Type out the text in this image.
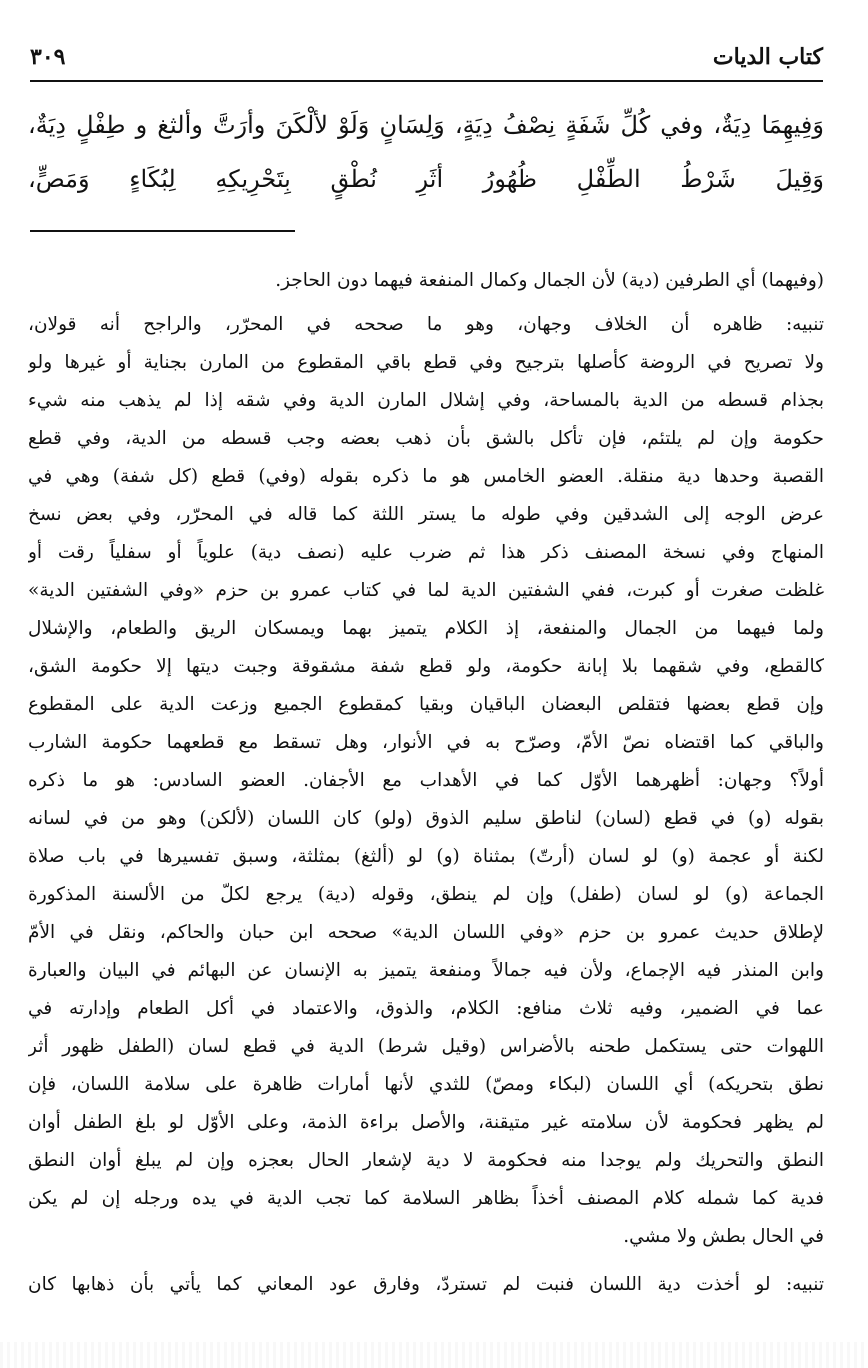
كتاب الديات
٣٠٩
وَفِيهِمَا دِيَةٌ، وفي كُلِّ شَفَةٍ نِصْفُ دِيَةٍ، وَلِسَانٍ وَلَوْ لألْكَنَ وأرَتَّ وألثغ و طِفْلٍ دِيَةٌ،
وَقِيلَ شَرْطُ الطِّفْلِ ظُهُورُ أثَرِ نُطْقٍ بِتَحْرِيكِهِ لِبُكَاءٍ وَمَصٍّ،
(وفيهما) أي الطرفين (دية) لأن الجمال وكمال المنفعة فيهما دون الحاجز.
تنبيه: ظاهره أن الخلاف وجهان، وهو ما صححه في المحرّر، والراجح أنه قولان،
ولا تصريح في الروضة كأصلها بترجيح وفي قطع باقي المقطوع من المارن بجناية أو غيرها ولو
بجذام قسطه من الدية بالمساحة، وفي إشلال المارن الدية وفي شقه إذا لم يذهب منه شيء
حكومة وإن لم يلتئم، فإن تأكل بالشق بأن ذهب بعضه وجب قسطه من الدية، وفي قطع
القصبة وحدها دية منقلة. العضو الخامس هو ما ذكره بقوله (وفي) قطع (كل شفة) وهي في
عرض الوجه إلى الشدقين وفي طوله ما يستر اللثة كما قاله في المحرّر، وفي بعض نسخ
المنهاج وفي نسخة المصنف ذكر هذا ثم ضرب عليه (نصف دية) علوياً أو سفلياً رقت أو
غلظت صغرت أو كبرت، ففي الشفتين الدية لما في كتاب عمرو بن حزم «وفي الشفتين الدية»
ولما فيهما من الجمال والمنفعة، إذ الكلام يتميز بهما ويمسكان الريق والطعام، والإشلال
كالقطع، وفي شقهما بلا إبانة حكومة، ولو قطع شفة مشقوقة وجبت ديتها إلا حكومة الشق،
وإن قطع بعضها فتقلص البعضان الباقيان وبقيا كمقطوع الجميع وزعت الدية على المقطوع
والباقي كما اقتضاه نصّ الأمّ، وصرّح به في الأنوار، وهل تسقط مع قطعهما حكومة الشارب
أولاً؟ وجهان: أظهرهما الأوّل كما في الأهداب مع الأجفان. العضو السادس: هو ما ذكره
بقوله (و) في قطع (لسان) لناطق سليم الذوق (ولو) كان اللسان (لألكن) وهو من في لسانه
لكنة أو عجمة (و) لو لسان (أرتّ) بمثناة (و) لو (ألثغ) بمثلثة، وسبق تفسيرها في باب صلاة
الجماعة (و) لو لسان (طفل) وإن لم ينطق، وقوله (دية) يرجع لكلّ من الألسنة المذكورة
لإطلاق حديث عمرو بن حزم «وفي اللسان الدية» صححه ابن حبان والحاكم، ونقل في الأمّ
وابن المنذر فيه الإجماع، ولأن فيه جمالاً ومنفعة يتميز به الإنسان عن البهائم في البيان والعبارة
عما في الضمير، وفيه ثلاث منافع: الكلام، والذوق، والاعتماد في أكل الطعام وإدارته في
اللهوات حتى يستكمل طحنه بالأضراس (وقيل شرط) الدية في قطع لسان (الطفل ظهور أثر
نطق بتحريكه) أي اللسان (لبكاء ومصّ) للثدي لأنها أمارات ظاهرة على سلامة اللسان، فإن
لم يظهر فحكومة لأن سلامته غير متيقنة، والأصل براءة الذمة، وعلى الأوّل لو بلغ الطفل أوان
النطق والتحريك ولم يوجدا منه فحكومة لا دية لإشعار الحال بعجزه وإن لم يبلغ أوان النطق
فدية كما شمله كلام المصنف أخذاً بظاهر السلامة كما تجب الدية في يده ورجله إن لم يكن
في الحال بطش ولا مشي.
تنبيه: لو أخذت دية اللسان فنبت لم تستردّ، وفارق عود المعاني كما يأتي بأن ذهابها كان
